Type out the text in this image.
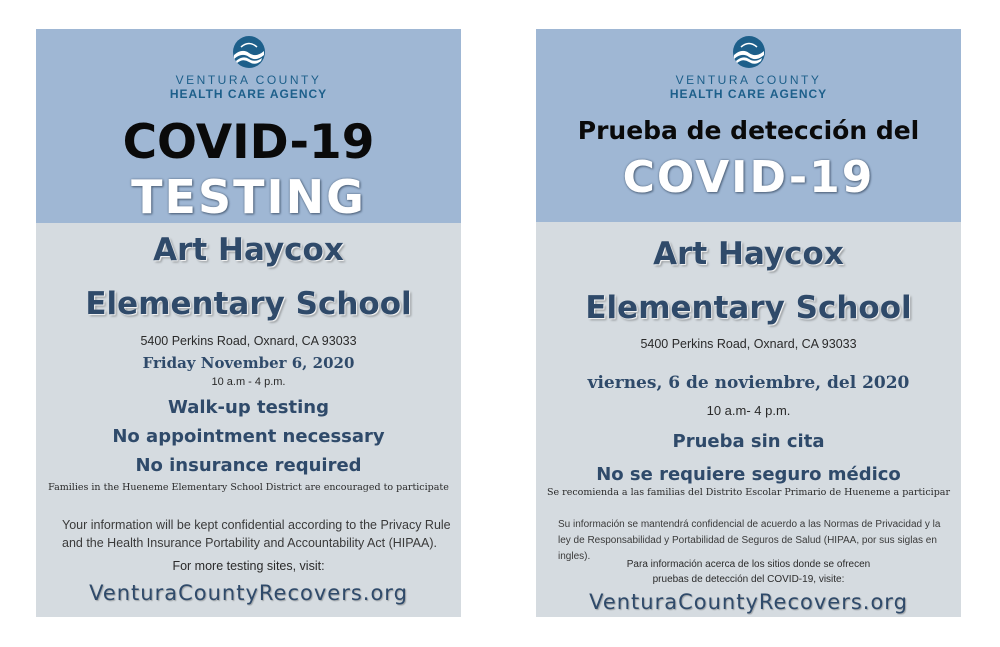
VENTURA COUNTY
HEALTH CARE AGENCY

COVID-19

TESTING

Art Haycox

Elementary School

5400 Perkins Road, Oxnard, CA 93033

Friday November 6, 2020

10 a.m - 4 p.m.

Walk-up testing

No appointment necessary

No insurance required

Families in the Hueneme Elementary School District are encouraged to participate

Your information will be kept confidential according to the Privacy Rule and the Health Insurance Portability and Accountability Act (HIPAA).

For more testing sites, visit:

VenturaCountyRecovers.org

VENTURA COUNTY
HEALTH CARE AGENCY

Prueba de detección del

COVID-19

Art Haycox

Elementary School

5400 Perkins Road, Oxnard, CA 93033

viernes, 6 de noviembre, del 2020

10 a.m- 4 p.m.

Prueba sin cita

No se requiere seguro médico

Se recomienda a las familias del Distrito Escolar Primario de Hueneme a participar

Su información se mantendrá confidencial de acuerdo a las Normas de Privacidad y la ley de Responsabilidad y Portabilidad de Seguros de Salud (HIPAA, por sus siglas en ingles).

Para información acerca de los sitios donde se ofrecen

pruebas de detección del COVID-19, visite:

VenturaCountyRecovers.org
